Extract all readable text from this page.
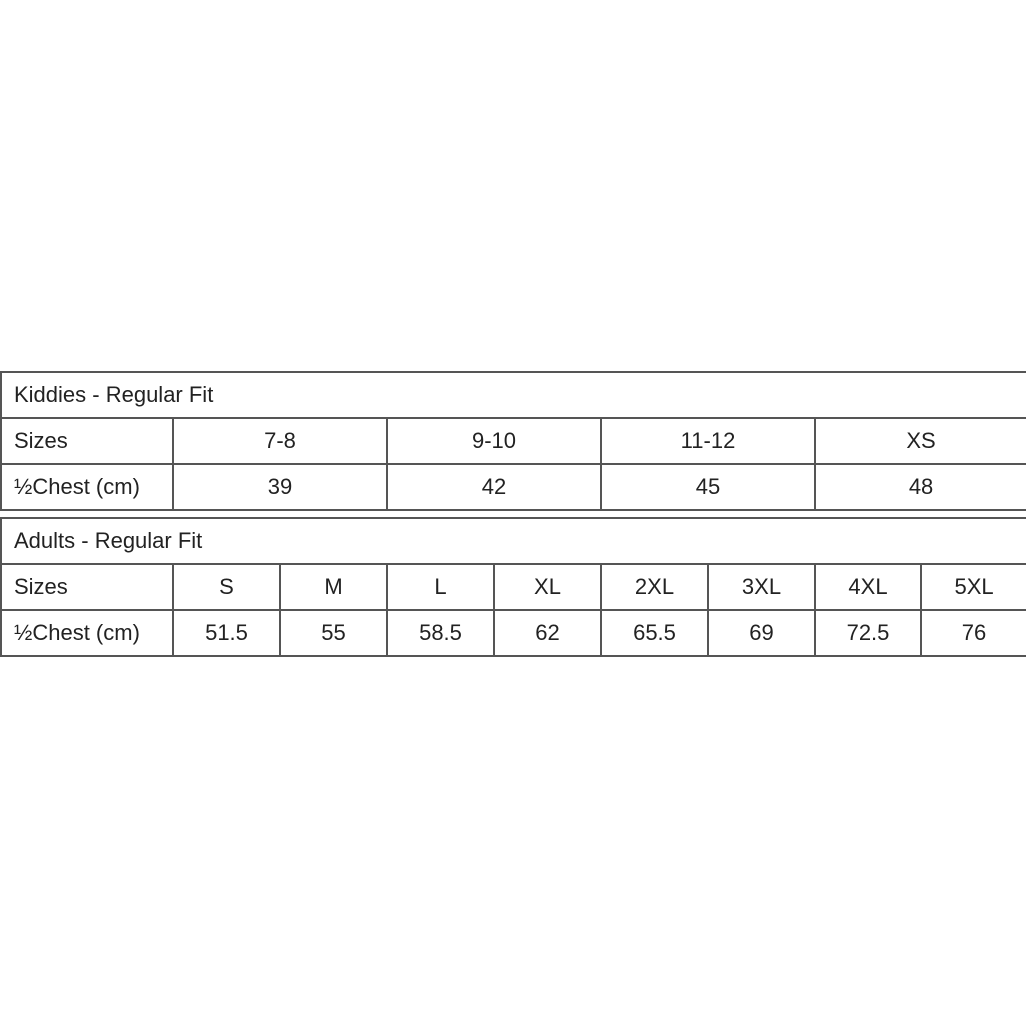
Kiddies - Regular Fit				
Sizes	7-8	9-10	11-12	XS
½Chest (cm)	39	42	45	48
Adults - Regular Fit								
Sizes	S	M	L	XL	2XL	3XL	4XL	5XL
½Chest (cm)	51.5	55	58.5	62	65.5	69	72.5	76
